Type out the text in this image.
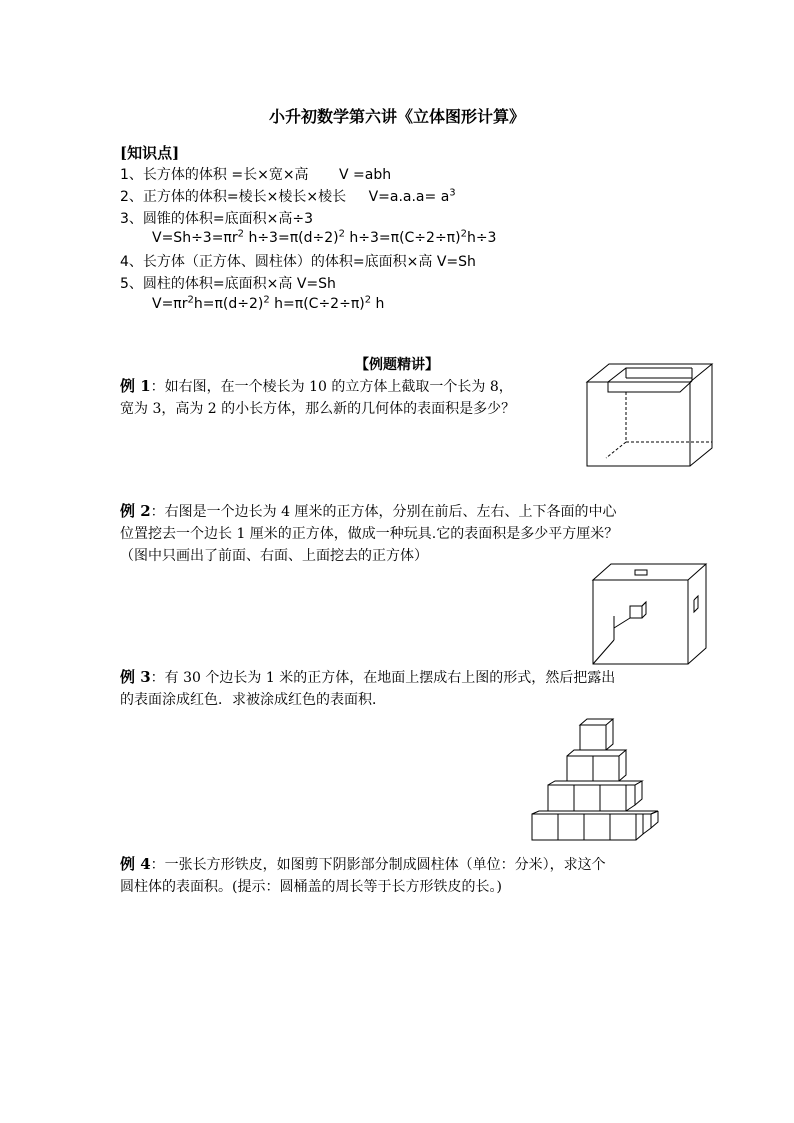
小升初数学第六讲《立体图形计算》
[知识点]
1、长方体的体积 =长×宽×高 V =abh
2、正方体的体积=棱长×棱长×棱长 $V=a.a.a= a^3$
3、圆锥的体积=底面积×高÷3
$V=Sh\div 3=\pi r^2$ $h\div 3=\pi(d\div 2)^2$ $h\div 3=\pi(C\div 2\div\pi)^2h\div 3$
4、长方体（正方体、圆柱体）的体积=底面积×高 V=Sh
5、圆柱的体积=底面积×高 V=Sh
$V=\pi r^2h=\pi(d\div 2)^2$ $h=\pi(C\div 2\div\pi)^2$ h
【例题精讲】
例 1：如右图，在一个棱长为 10 的立方体上截取一个长为 8，
宽为 3，高为 2 的小长方体，那么新的几何体的表面积是多少？
例 2：右图是一个边长为 4 厘米的正方体，分别在前后、左右、上下各面的中心
位置挖去一个边长 1 厘米的正方体，做成一种玩具.它的表面积是多少平方厘米？
（图中只画出了前面、右面、上面挖去的正方体）
例 3：有 30 个边长为 1 米的正方体，在地面上摆成右上图的形式，然后把露出
的表面涂成红色．求被涂成红色的表面积．
例 4：一张长方形铁皮，如图剪下阴影部分制成圆柱体（单位：分米），求这个
圆柱体的表面积。(提示：圆桶盖的周长等于长方形铁皮的长。)
